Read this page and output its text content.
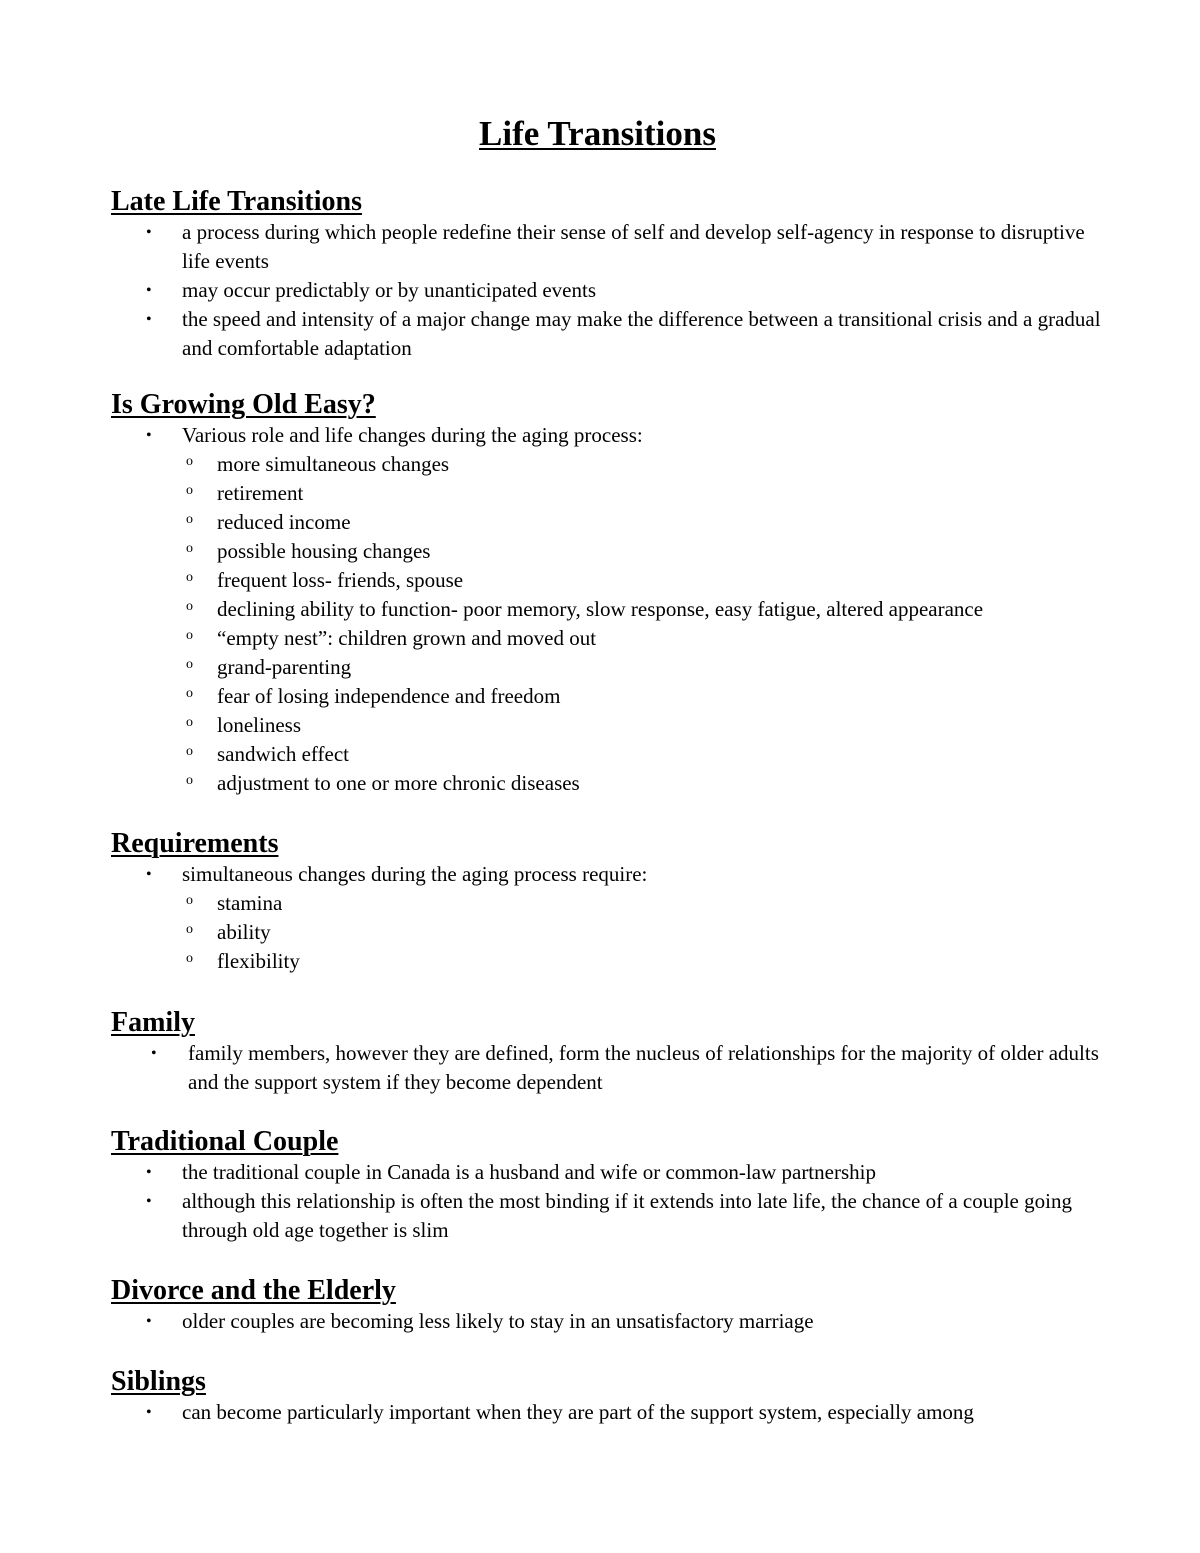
Life Transitions
Late Life Transitions
• a process during which people redefine their sense of self and develop self-agency in response to disruptive life events
• may occur predictably or by unanticipated events
• the speed and intensity of a major change may make the difference between a transitional crisis and a gradual and comfortable adaptation
Is Growing Old Easy?
• Various role and life changes during the aging process:
o more simultaneous changes
o retirement
o reduced income
o possible housing changes
o frequent loss- friends, spouse
o declining ability to function- poor memory, slow response, easy fatigue, altered appearance
o “empty nest”: children grown and moved out
o grand-parenting
o fear of losing independence and freedom
o loneliness
o sandwich effect
o adjustment to one or more chronic diseases
Requirements
• simultaneous changes during the aging process require:
o stamina
o ability
o flexibility
Family
• family members, however they are defined, form the nucleus of relationships for the majority of older adults and the support system if they become dependent
Traditional Couple
• the traditional couple in Canada is a husband and wife or common-law partnership
• although this relationship is often the most binding if it extends into late life, the chance of a couple going through old age together is slim
Divorce and the Elderly
• older couples are becoming less likely to stay in an unsatisfactory marriage
Siblings
• can become particularly important when they are part of the support system, especially among
